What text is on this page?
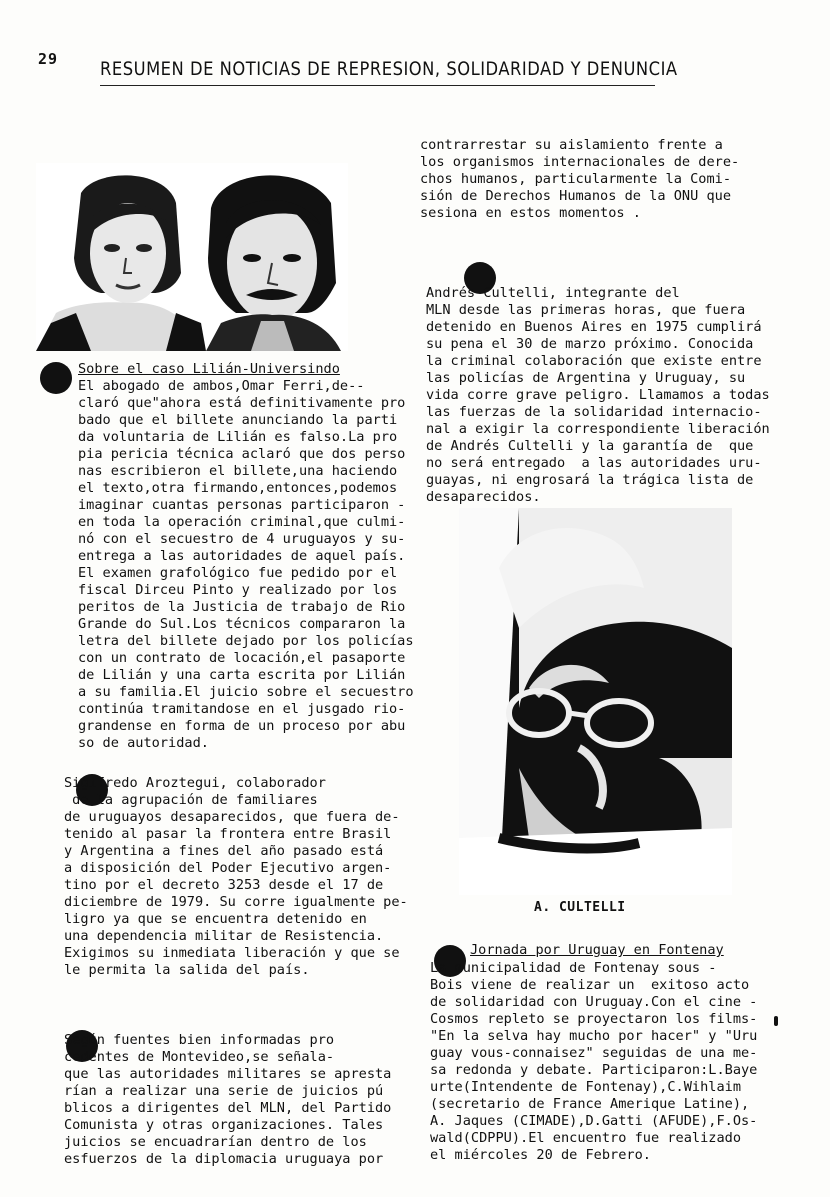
29 RESUMEN DE NOTICIAS DE REPRESION, SOLIDARIDAD Y DENUNCIA
Sobre el caso Lilián-Universindo
El abogado de ambos,Omar Ferri,de--
claró que"ahora está definitivamente pro
bado que el billete anunciando la parti
da voluntaria de Lilián es falso.La pro
pia pericia técnica aclaró que dos perso
nas escribieron el billete,una haciendo
el texto,otra firmando,entonces,podemos
imaginar cuantas personas participaron -
en toda la operación criminal,que culmi-
nó con el secuestro de 4 uruguayos y su-
entrega a las autoridades de aquel país.
El examen grafológico fue pedido por el
fiscal Dirceu Pinto y realizado por los
peritos de la Justicia de trabajo de Rio
Grande do Sul.Los técnicos compararon la
letra del billete dejado por los policías
con un contrato de locación,el pasaporte
de Lilián y una carta escrita por Lilián
a su familia.El juicio sobre el secuestro
continúa tramitandose en el jusgado rio-
grandense en forma de un proceso por abu
so de autoridad.
Sigifredo Aroztegui, colaborador
de la agrupación de familiares
de uruguayos desaparecidos, que fuera de-
tenido al pasar la frontera entre Brasil
y Argentina a fines del año pasado está
a disposición del Poder Ejecutivo argen-
tino por el decreto 3253 desde el 17 de
diciembre de 1979. Su corre igualmente pe-
ligro ya que se encuentra detenido en
una dependencia militar de Resistencia.
Exigimos su inmediata liberación y que se
le permita la salida del país.
Según fuentes bien informadas pro
cedentes de Montevideo,se señala-
que las autoridades militares se apresta
rían a realizar una serie de juicios pú
blicos a dirigentes del MLN, del Partido
Comunista y otras organizaciones. Tales
juicios se encuadrarían dentro de los
esfuerzos de la diplomacia uruguaya por
contrarrestar su aislamiento frente a
los organismos internacionales de dere-
chos humanos, particularmente la Comi-
sión de Derechos Humanos de la ONU que
sesiona en estos momentos .
Andrés Cultelli, integrante del
MLN desde las primeras horas, que fuera
detenido en Buenos Aires en 1975 cumplirá
su pena el 30 de marzo próximo. Conocida
la criminal colaboración que existe entre
las policías de Argentina y Uruguay, su
vida corre grave peligro. Llamamos a todas
las fuerzas de la solidaridad internacio-
nal a exigir la correspondiente liberación
de Andrés Cultelli y la garantía de  que
no será entregado  a las autoridades uru-
guayas, ni engrosará la trágica lista de
desaparecidos.
A. CULTELLI
Jornada por Uruguay en Fontenay
La municipalidad de Fontenay sous -
Bois viene de realizar un  exitoso acto
de solidaridad con Uruguay.Con el cine -
Cosmos repleto se proyectaron los films-
"En la selva hay mucho por hacer" y "Uru
guay vous-connaisez" seguidas de una me-
sa redonda y debate. Participaron:L.Baye
urte(Intendente de Fontenay),C.Wihlaim
(secretario de France Amerique Latine),
A. Jaques (CIMADE),D.Gatti (AFUDE),F.Os-
wald(CDPPU).El encuentro fue realizado
el miércoles 20 de Febrero.
